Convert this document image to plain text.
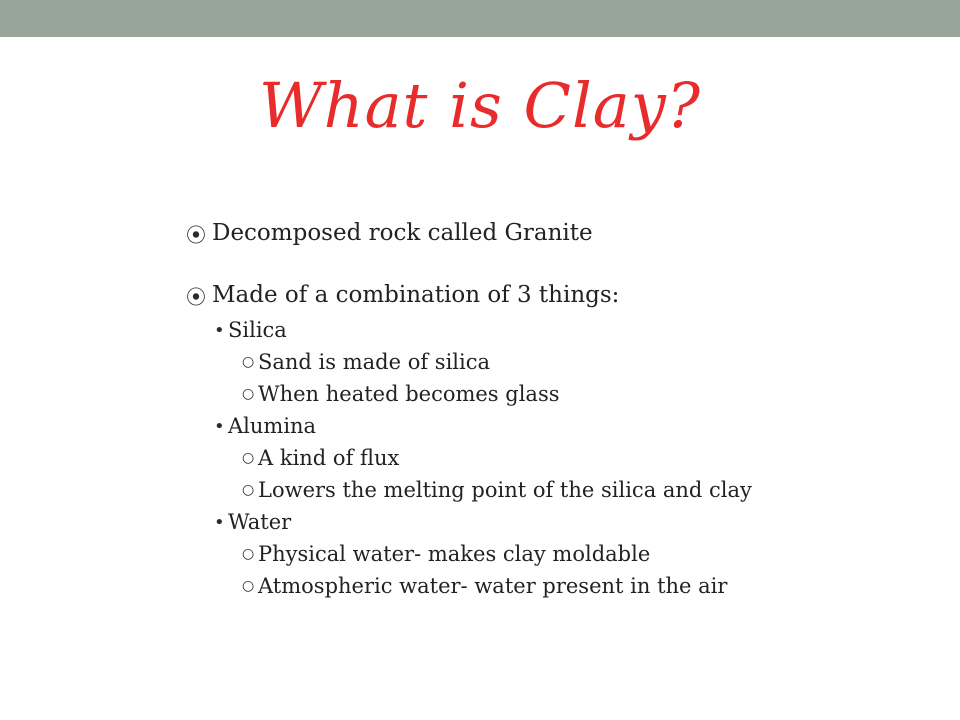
What is Clay?
⦿ Decomposed rock called Granite
⦿ Made of a combination of 3 things:
• Silica
○ Sand is made of silica
○ When heated becomes glass
• Alumina
○ A kind of flux
○ Lowers the melting point of the silica and clay
• Water
○ Physical water- makes clay moldable
○ Atmospheric water- water present in the air
